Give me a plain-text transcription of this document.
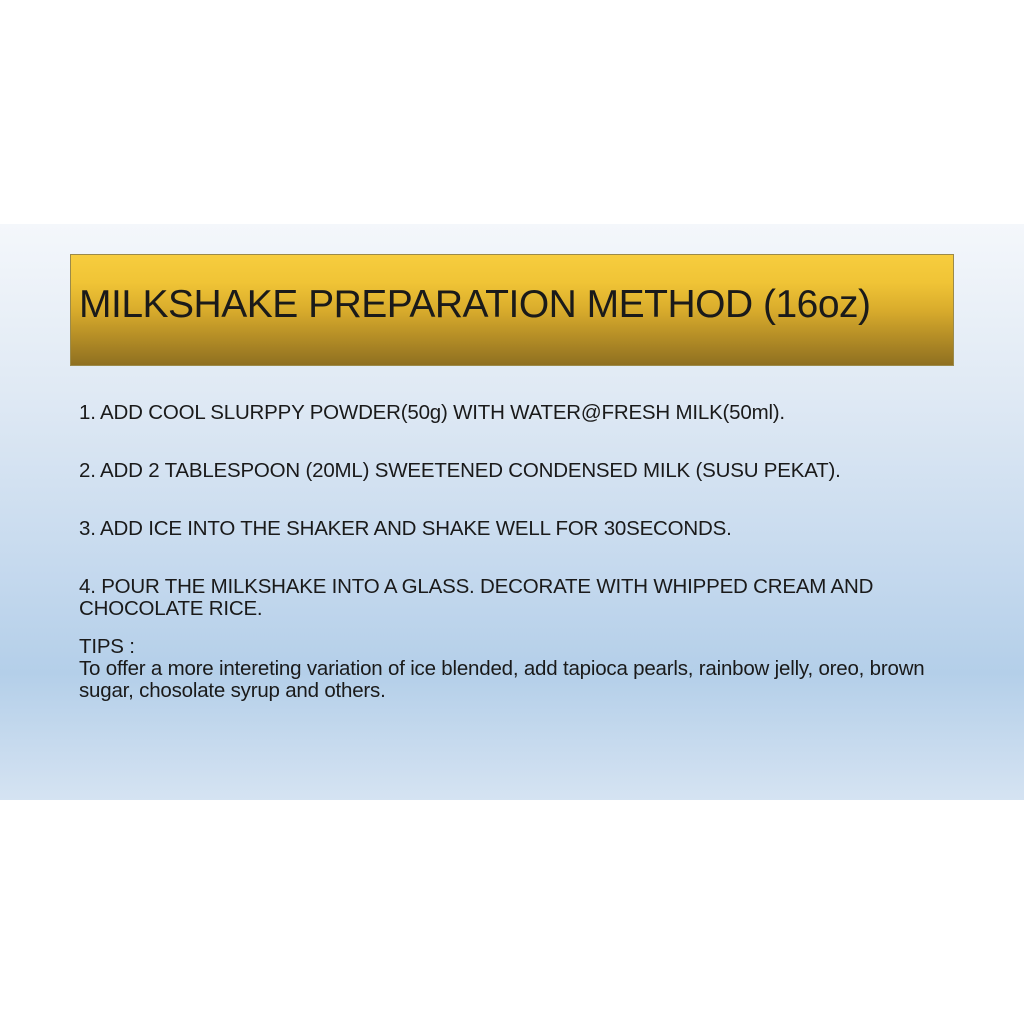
MILKSHAKE PREPARATION METHOD (16oz)
1. ADD COOL SLURPPY POWDER(50g) WITH WATER@FRESH MILK(50ml).
2. ADD 2 TABLESPOON (20ML) SWEETENED CONDENSED MILK (SUSU PEKAT).
3. ADD ICE INTO THE SHAKER AND SHAKE WELL FOR 30SECONDS.
4. POUR THE MILKSHAKE INTO A GLASS. DECORATE WITH WHIPPED CREAM AND CHOCOLATE RICE.
TIPS :
To offer a more intereting variation of ice blended, add tapioca pearls, rainbow jelly, oreo, brown sugar, chosolate syrup and others.
